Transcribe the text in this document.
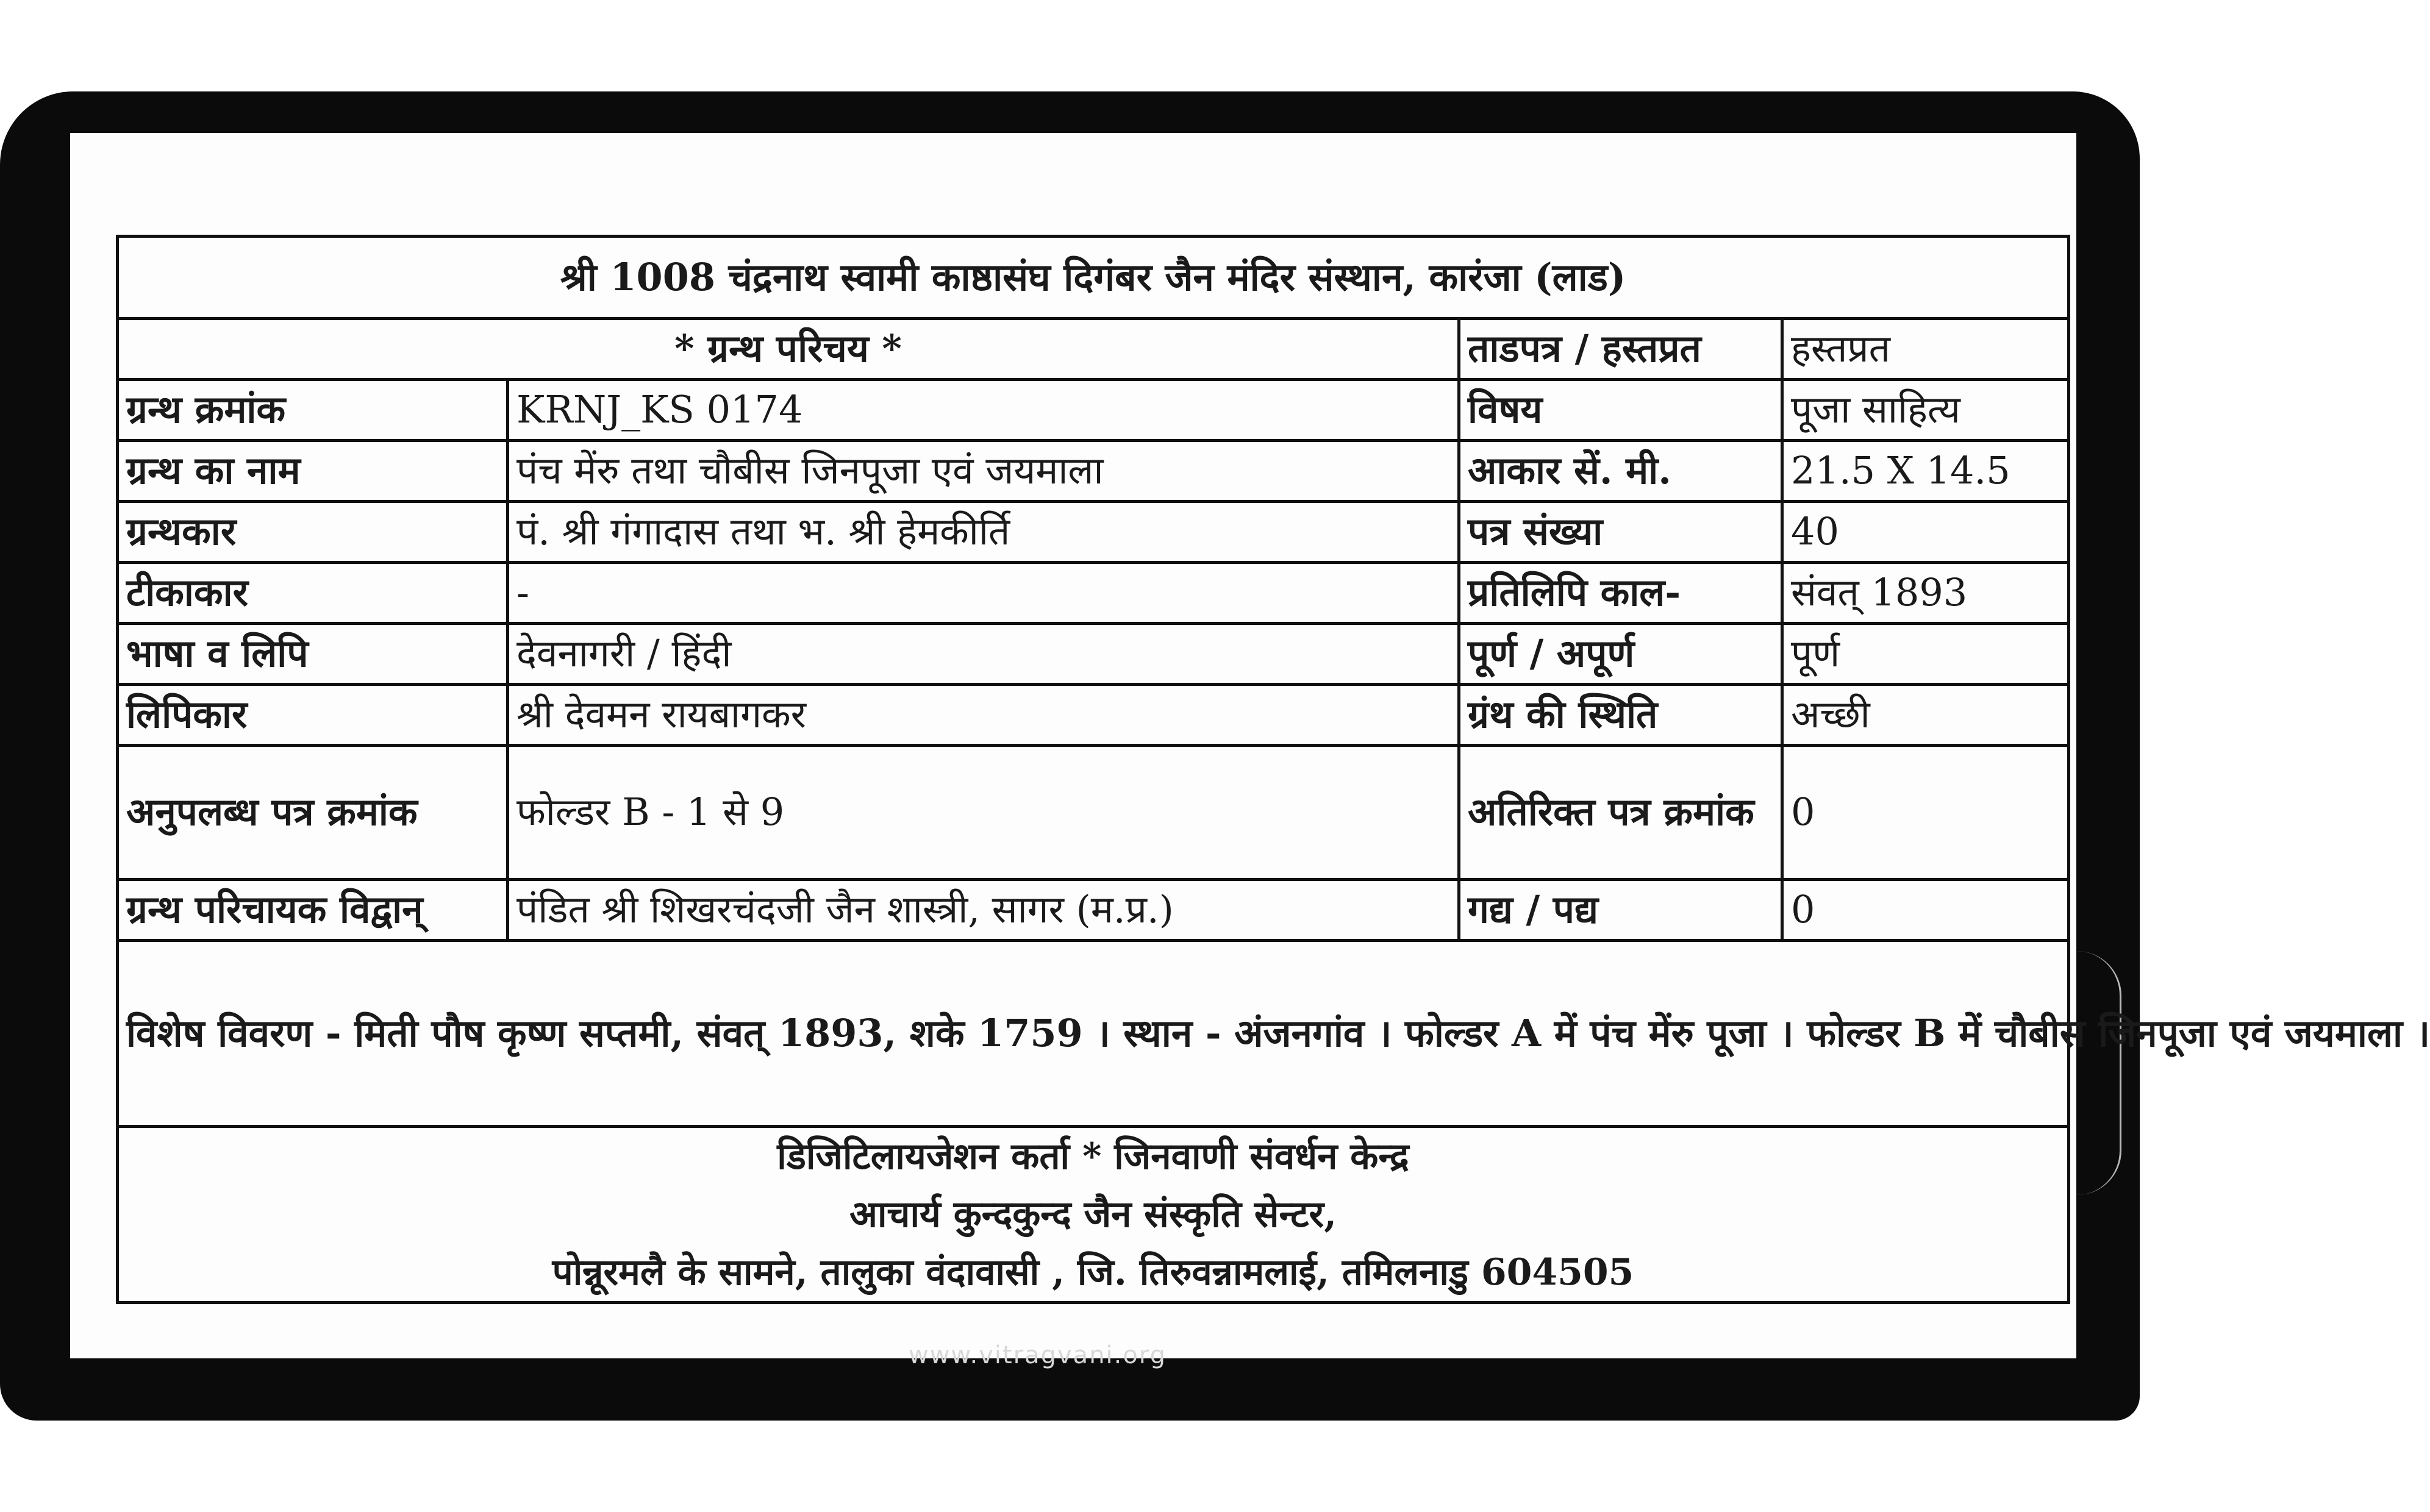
श्री 1008 चंद्रनाथ स्वामी काष्ठासंघ दिगंबर जैन मंदिर संस्थान, कारंजा (लाड)			
* ग्रन्थ परिचय *		ताडपत्र / हस्तप्रत	हस्तप्रत
ग्रन्थ क्रमांक	KRNJ_KS 0174	विषय	पूजा साहित्य
ग्रन्थ का नाम	पंच मेंरु तथा चौबीस जिनपूजा एवं जयमाला	आकार सें. मी.	21.5 X 14.5
ग्रन्थकार	पं. श्री गंगादास तथा भ. श्री हेमकीर्ति	पत्र संख्या	40
टीकाकार	-	प्रतिलिपि काल-	संवत् 1893
भाषा व लिपि	देवनागरी / हिंदी	पूर्ण / अपूर्ण	पूर्ण
लिपिकार	श्री देवमन रायबागकर	ग्रंथ की स्थिति	अच्छी
अनुपलब्ध पत्र क्रमांक	फोल्डर B - 1 से 9	अतिरिक्त पत्र क्रमांक	0
ग्रन्थ परिचायक विद्वान्	पंडित श्री शिखरचंदजी जैन शास्त्री, सागर (म.प्र.)	गद्य / पद्य	0
विशेष विवरण - मिती पौष कृष्ण सप्तमी, संवत् 1893, शके 1759 । स्थान - अंजनगांव । फोल्डर A में पंच मेंरु पूजा । फोल्डर B में चौबीस जिनपूजा एवं जयमाला ।			

डिजिटिलायजेशन कर्ता * जिनवाणी संवर्धन केन्द्र
आचार्य कुन्दकुन्द जैन संस्कृति सेन्टर,
पोन्नूरमलै के सामने, तालुका वंदावासी , जि. तिरुवन्नामलाई, तमिलनाडु 604505			
www.vitragvani.org
